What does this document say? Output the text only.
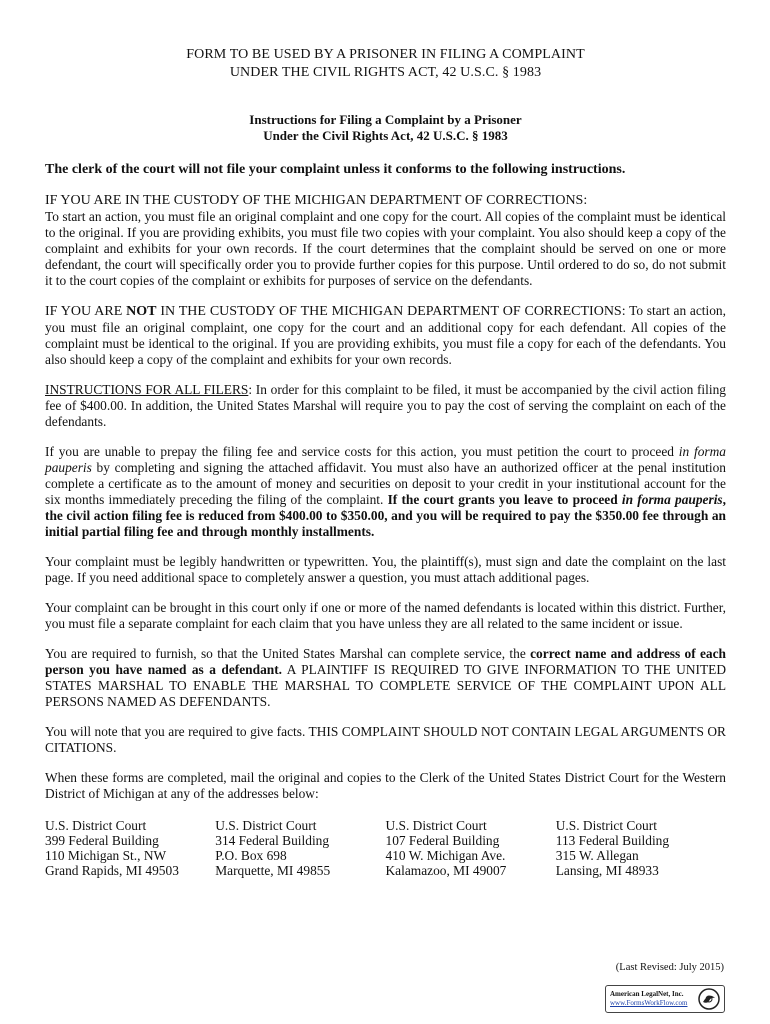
FORM TO BE USED BY A PRISONER IN FILING A COMPLAINT
UNDER THE CIVIL RIGHTS ACT, 42 U.S.C. § 1983
Instructions for Filing a Complaint by a Prisoner
Under the Civil Rights Act, 42 U.S.C. § 1983

The clerk of the court will not file your complaint unless it conforms to the following instructions.

IF YOU ARE IN THE CUSTODY OF THE MICHIGAN DEPARTMENT OF CORRECTIONS:
To start an action, you must file an original complaint and one copy for the court. All copies of the complaint must be identical to the original. If you are providing exhibits, you must file two copies with your complaint. You also should keep a copy of the complaint and exhibits for your own records. If the court determines that the complaint should be served on one or more defendant, the court will specifically order you to provide further copies for this purpose. Until ordered to do so, do not submit it to the court copies of the complaint or exhibits for purposes of service on the defendants.

IF YOU ARE NOT IN THE CUSTODY OF THE MICHIGAN DEPARTMENT OF CORRECTIONS: To start an action, you must file an original complaint, one copy for the court and an additional copy for each defendant. All copies of the complaint must be identical to the original. If you are providing exhibits, you must file a copy for each of the defendants. You also should keep a copy of the complaint and exhibits for your own records.

INSTRUCTIONS FOR ALL FILERS: In order for this complaint to be filed, it must be accompanied by the civil action filing fee of $400.00. In addition, the United States Marshal will require you to pay the cost of serving the complaint on each of the defendants.

If you are unable to prepay the filing fee and service costs for this action, you must petition the court to proceed in forma pauperis by completing and signing the attached affidavit. You must also have an authorized officer at the penal institution complete a certificate as to the amount of money and securities on deposit to your credit in your institutional account for the six months immediately preceding the filing of the complaint. If the court grants you leave to proceed in forma pauperis, the civil action filing fee is reduced from $400.00 to $350.00, and you will be required to pay the $350.00 fee through an initial partial filing fee and through monthly installments.

Your complaint must be legibly handwritten or typewritten. You, the plaintiff(s), must sign and date the complaint on the last page. If you need additional space to completely answer a question, you must attach additional pages.

Your complaint can be brought in this court only if one or more of the named defendants is located within this district. Further, you must file a separate complaint for each claim that you have unless they are all related to the same incident or issue.

You are required to furnish, so that the United States Marshal can complete service, the correct name and address of each person you have named as a defendant. A PLAINTIFF IS REQUIRED TO GIVE INFORMATION TO THE UNITED STATES MARSHAL TO ENABLE THE MARSHAL TO COMPLETE SERVICE OF THE COMPLAINT UPON ALL PERSONS NAMED AS DEFENDANTS.

You will note that you are required to give facts. THIS COMPLAINT SHOULD NOT CONTAIN LEGAL ARGUMENTS OR CITATIONS.

When these forms are completed, mail the original and copies to the Clerk of the United States District Court for the Western District of Michigan at any of the addresses below:

U.S. District Court
399 Federal Building
110 Michigan St., NW
Grand Rapids, MI 49503
U.S. District Court
314 Federal Building
P.O. Box 698
Marquette, MI 49855
U.S. District Court
107 Federal Building
410 W. Michigan Ave.
Kalamazoo, MI 49007
U.S. District Court
113 Federal Building
315 W. Allegan
Lansing, MI 48933
(Last Revised: July 2015)
American LegalNet, Inc.
www.FormsWorkFlow.com
